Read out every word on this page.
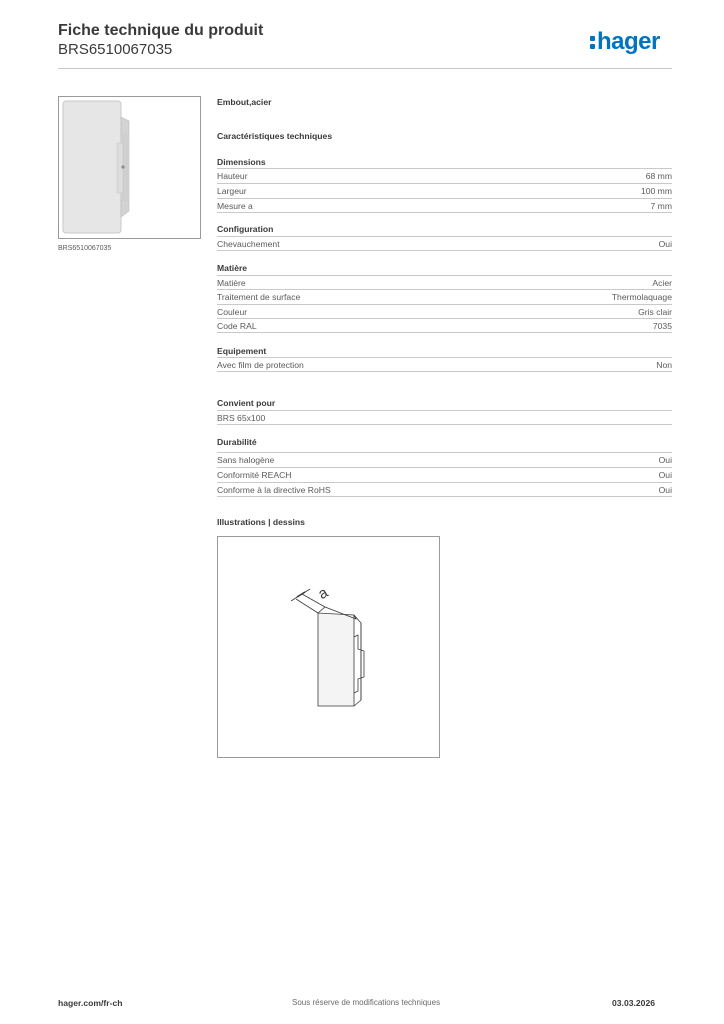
Fiche technique du produit
BRS6510067035	hager
BRS6510067035
Embout,acier
Caractéristiques techniques
Dimensions
Hauteur	68 mm
Largeur	100 mm
Mesure a	7 mm
Configuration
Chevauchement	Oui
Matière
Matière	Acier
Traitement de surface	Thermolaquage
Couleur	Gris clair
Code RAL	7035
Equipement
Avec film de protection	Non
Convient pour
BRS 65x100
Durabilité
Sans halogène	Oui
Conformité REACH	Oui
Conforme à la directive RoHS	Oui
Illustrations | dessins
a
hager.com/fr-ch	Sous réserve de modifications techniques	03.03.2026
